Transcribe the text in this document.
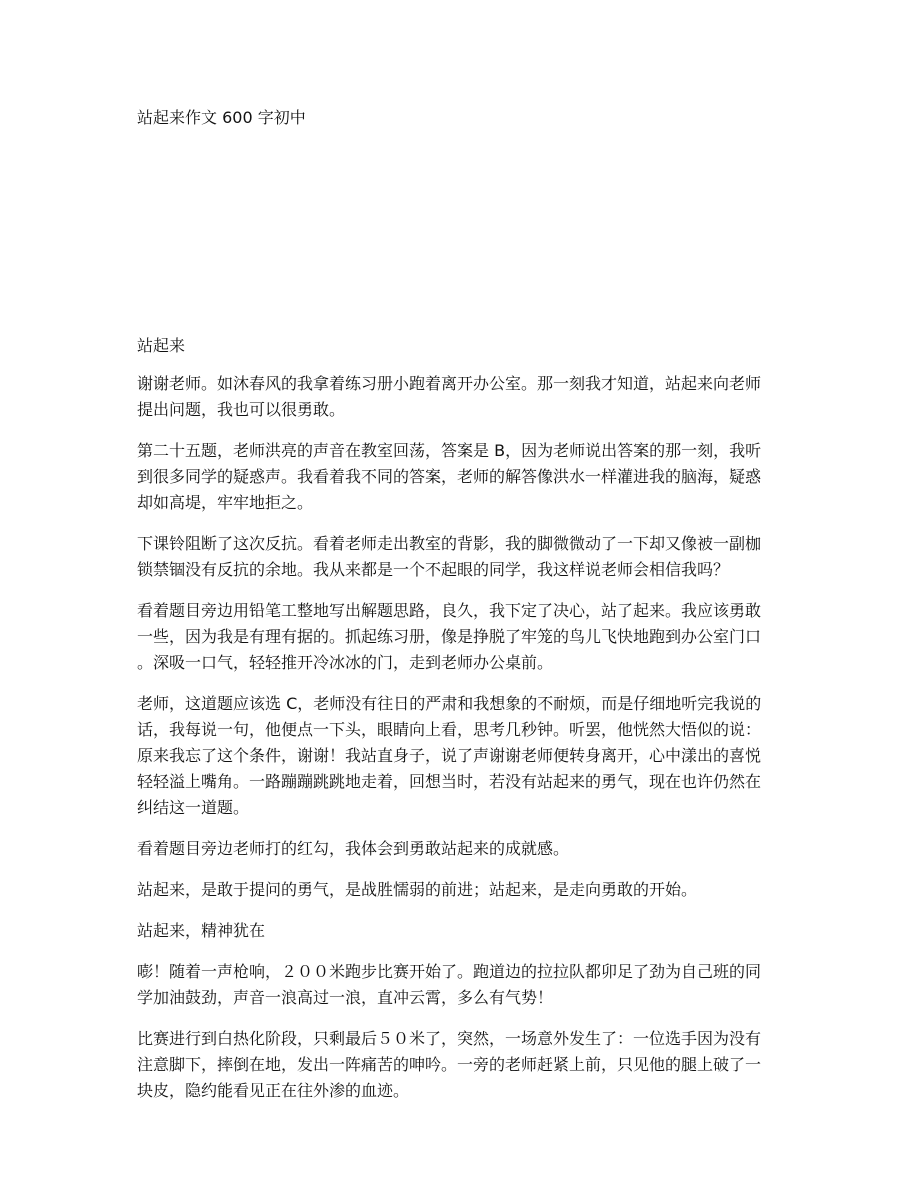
站起来作文 600 字初中
站起来
谢谢老师。如沐春风的我拿着练习册小跑着离开办公室。那一刻我才知道，站起来向老师
提出问题，我也可以很勇敢。
第二十五题，老师洪亮的声音在教室回荡，答案是 B，因为老师说出答案的那一刻，我听
到很多同学的疑惑声。我看着我不同的答案，老师的解答像洪水一样灌进我的脑海，疑惑
却如高堤，牢牢地拒之。
下课铃阻断了这次反抗。看着老师走出教室的背影，我的脚微微动了一下却又像被一副枷
锁禁锢没有反抗的余地。我从来都是一个不起眼的同学，我这样说老师会相信我吗？
看着题目旁边用铅笔工整地写出解题思路，良久，我下定了决心，站了起来。我应该勇敢
一些，因为我是有理有据的。抓起练习册，像是挣脱了牢笼的鸟儿飞快地跑到办公室门口
。深吸一口气，轻轻推开冷冰冰的门，走到老师办公桌前。
老师，这道题应该选 C，老师没有往日的严肃和我想象的不耐烦，而是仔细地听完我说的
话，我每说一句，他便点一下头，眼睛向上看，思考几秒钟。听罢，他恍然大悟似的说：
原来我忘了这个条件，谢谢！我站直身子，说了声谢谢老师便转身离开，心中漾出的喜悦
轻轻溢上嘴角。一路蹦蹦跳跳地走着，回想当时，若没有站起来的勇气，现在也许仍然在
纠结这一道题。
看着题目旁边老师打的红勾，我体会到勇敢站起来的成就感。
站起来，是敢于提问的勇气，是战胜懦弱的前进；站起来，是走向勇敢的开始。
站起来，精神犹在
嘭！随着一声枪响，２００米跑步比赛开始了。跑道边的拉拉队都卯足了劲为自己班的同
学加油鼓劲，声音一浪高过一浪，直冲云霄，多么有气势！
比赛进行到白热化阶段，只剩最后５０米了，突然，一场意外发生了：一位选手因为没有
注意脚下，摔倒在地，发出一阵痛苦的呻吟。一旁的老师赶紧上前，只见他的腿上破了一
块皮，隐约能看见正在往外渗的血迹。
